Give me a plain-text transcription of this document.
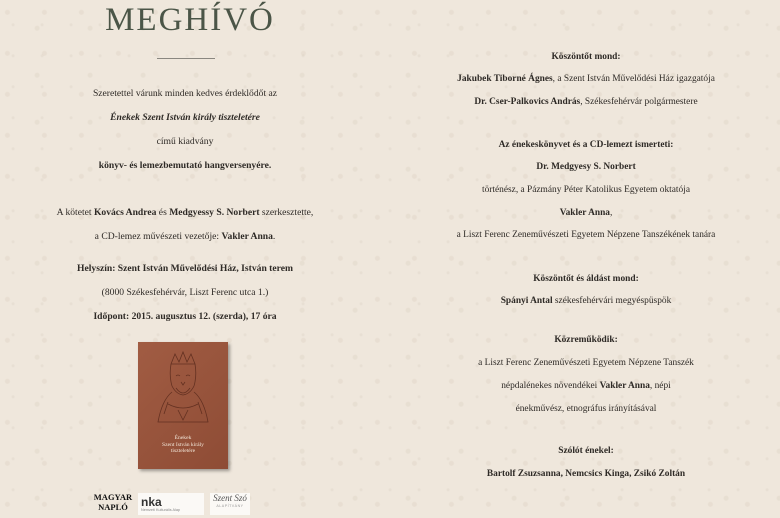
MEGHÍVÓ
Szeretettel várunk minden kedves érdeklődőt az
Énekek Szent István király tiszteletére
című kiadvány
könyv- és lemezbemutató hangversenyére.
A kötetet Kovács Andrea és Medgyessy S. Norbert szerkesztette,
a CD-lemez művészeti vezetője: Vakler Anna.
Helyszín: Szent István Művelődési Ház, István terem
(8000 Székesfehérvár, Liszt Ferenc utca 1.)
Időpont: 2015. augusztus 12. (szerda), 17 óra
Énekek
Szent István király
tiszteletére
MAGYAR
NAPLÓ	nka
Nemzeti Kulturális Alap
Szent Szó
ALAPÍTVÁNY
Köszöntőt mond:
Jakubek Tiborné Ágnes, a Szent István Művelődési Ház igazgatója
Dr. Cser-Palkovics András, Székesfehérvár polgármestere
Az énekeskönyvet és a CD-lemezt ismerteti:
Dr. Medgyesy S. Norbert
történész, a Pázmány Péter Katolikus Egyetem oktatója
Vakler Anna,
a Liszt Ferenc Zeneművészeti Egyetem Népzene Tanszékének tanára
Köszöntőt és áldást mond:
Spányi Antal székesfehérvári megyéspüspök
Közreműködik:
a Liszt Ferenc Zeneművészeti Egyetem Népzene Tanszék
népdalénekes növendékei Vakler Anna, népi
énekművész, etnográfus irányításával
Szólót énekel:
Bartolf Zsuzsanna, Nemcsics Kinga, Zsikó Zoltán
